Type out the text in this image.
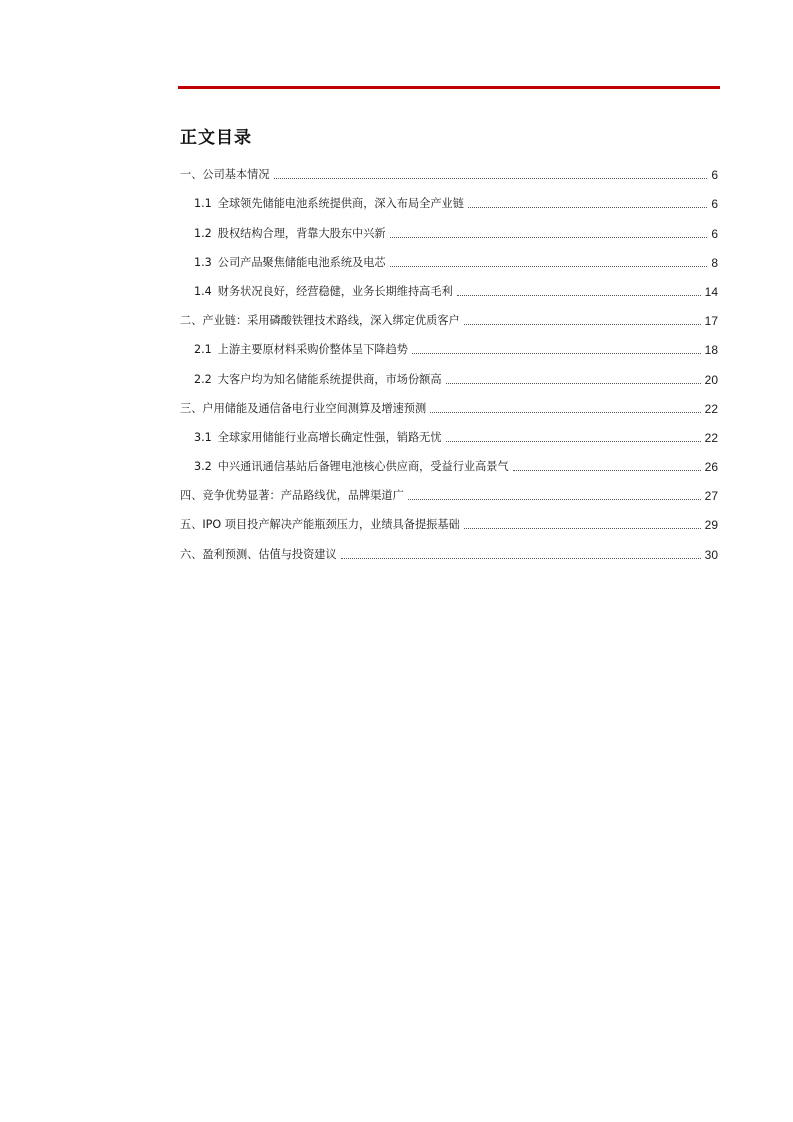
正文目录
一、公司基本情况	6
1.1 全球领先储能电池系统提供商，深入布局全产业链	6
1.2 股权结构合理，背靠大股东中兴新	6
1.3 公司产品聚焦储能电池系统及电芯	8
1.4 财务状况良好，经营稳健，业务长期维持高毛利	14
二、产业链：采用磷酸铁锂技术路线，深入绑定优质客户	17
2.1 上游主要原材料采购价整体呈下降趋势	18
2.2 大客户均为知名储能系统提供商，市场份额高	20
三、户用储能及通信备电行业空间测算及增速预测	22
3.1 全球家用储能行业高增长确定性强，销路无忧	22
3.2 中兴通讯通信基站后备锂电池核心供应商，受益行业高景气	26
四、竞争优势显著：产品路线优，品牌渠道广	27
五、IPO 项目投产解决产能瓶颈压力，业绩具备提振基础	29
六、盈利预测、估值与投资建议	30
